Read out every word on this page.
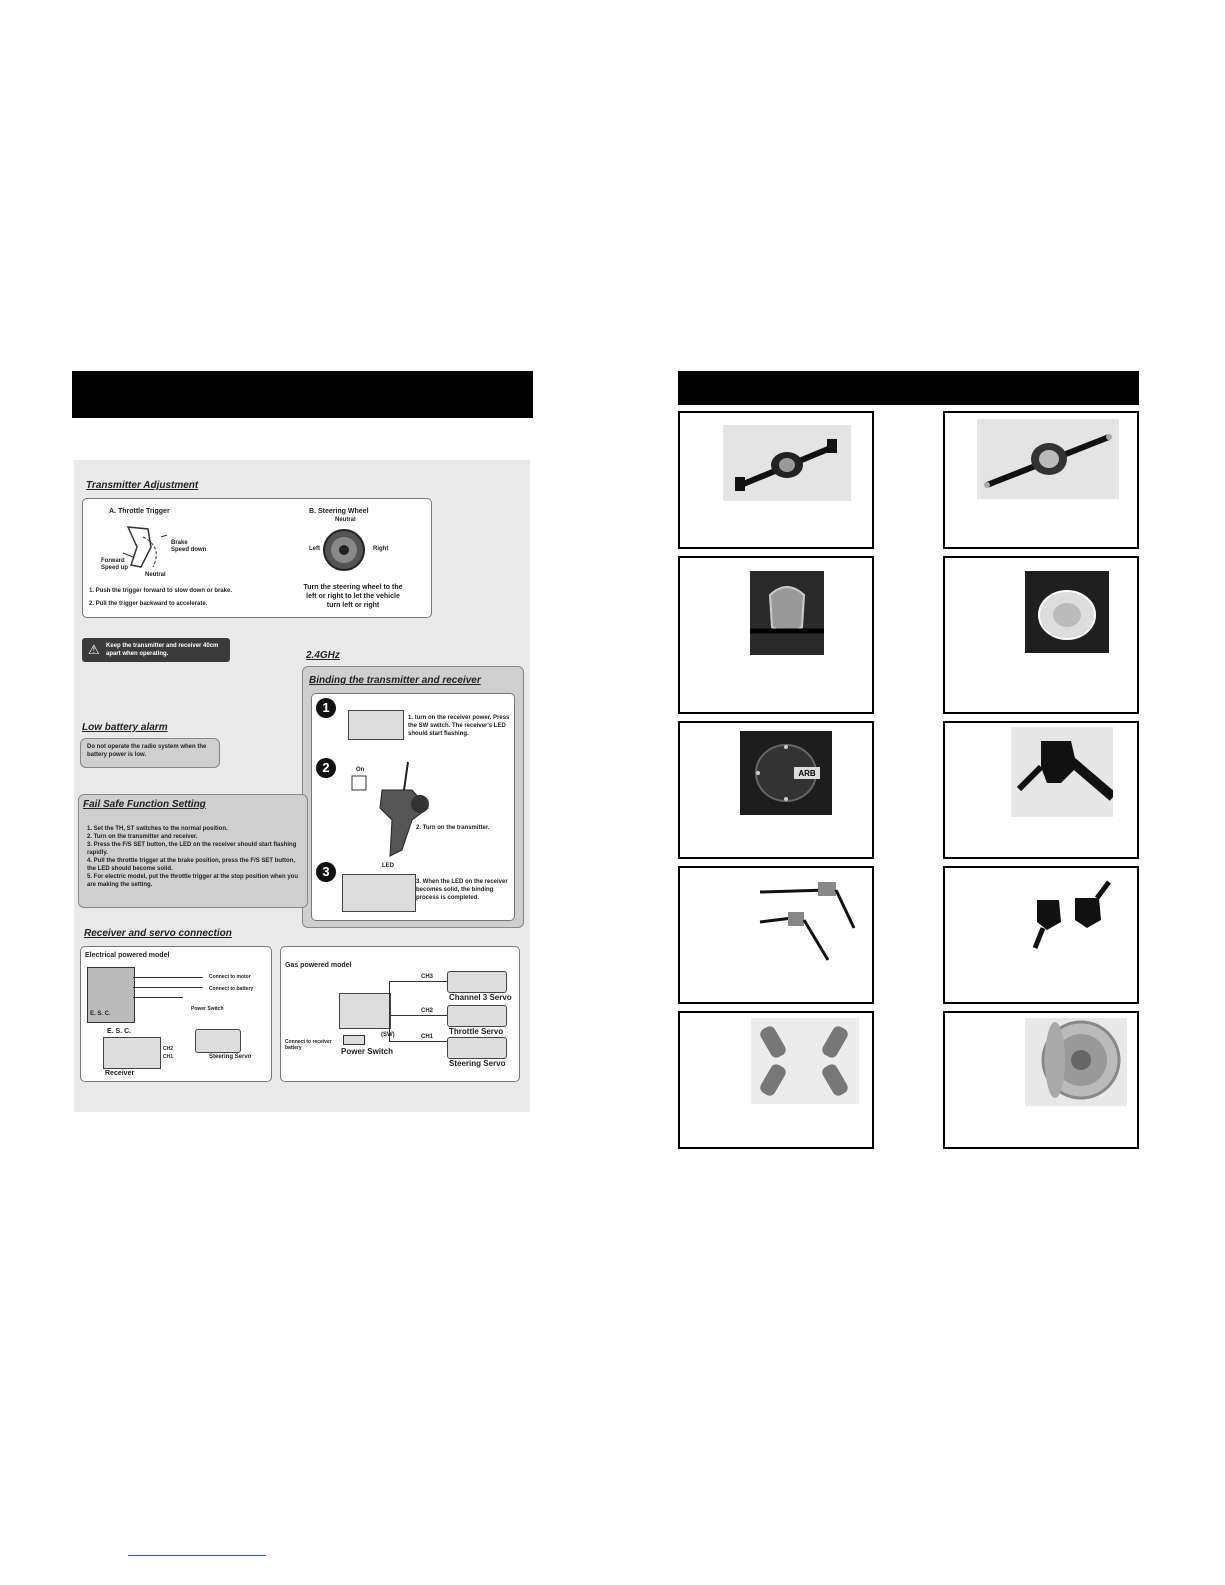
Transmitter Adjustment
A. Throttle Trigger
Brake
Speed down
Forward
Speed up
Neutral
1. Push the trigger forward to slow down or brake.
2. Pull the trigger backward to accelerate.
B. Steering Wheel
Neutral
Left	Right
Turn the steering wheel to the left or right to let the vehicle turn left or right
⚠ Keep the transmitter and receiver 40cm apart when operating.	2.4GHz
Binding the transmitter and receiver
1
1. turn on the receiver power. Press the SW switch. The receiver's LED should start flashing.
2	On
2. Turn on the transmitter.
3	LED
3. When the LED on the receiver becomes solid, the binding process is completed.
Low battery alarm
Do not operate the radio system when the battery power is low.
Fail Safe Function Setting
1. Set the TH, ST switches to the normal position.
2. Turn on the transmitter and receiver.
3. Press the F/S SET button, the LED on the receiver should start flashing rapidly.
4. Pull the throttle trigger at the brake position, press the F/S SET button, the LED should become solid.
5. For electric model, put the throttle trigger at the stop position when you are making the setting.
Receiver and servo connection
Electrical powered model
E. S. C.
Connect to motor
Connect to battery
Power Switch
E. S. C.
CH2
CH1	Steering Servo
Receiver
Gas powered model
CH3
CH2
CH1
Channel 3 Servo
Throttle Servo
Steering Servo
Connect to receiver battery	Power Switch
(SW)
ARB
